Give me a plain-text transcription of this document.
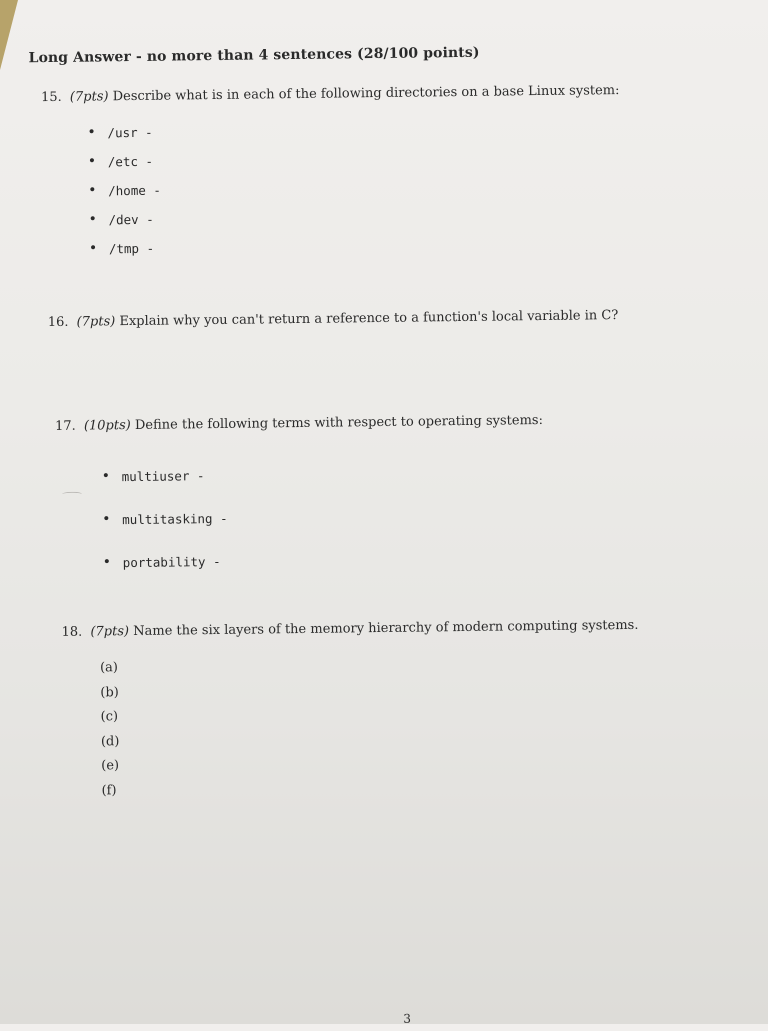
Long Answer - no more than 4 sentences (28/100 points)
15. (7pts) Describe what is in each of the following directories on a base Linux system:
• /usr -
• /etc -
• /home -
• /dev -
• /tmp -
16. (7pts) Explain why you can't return a reference to a function's local variable in C?
17. (10pts) Define the following terms with respect to operating systems:
• multiuser -
• multitasking -
• portability -
18. (7pts) Name the six layers of the memory hierarchy of modern computing systems.
(a)
(b)
(c)
(d)
(e)
(f)
3
